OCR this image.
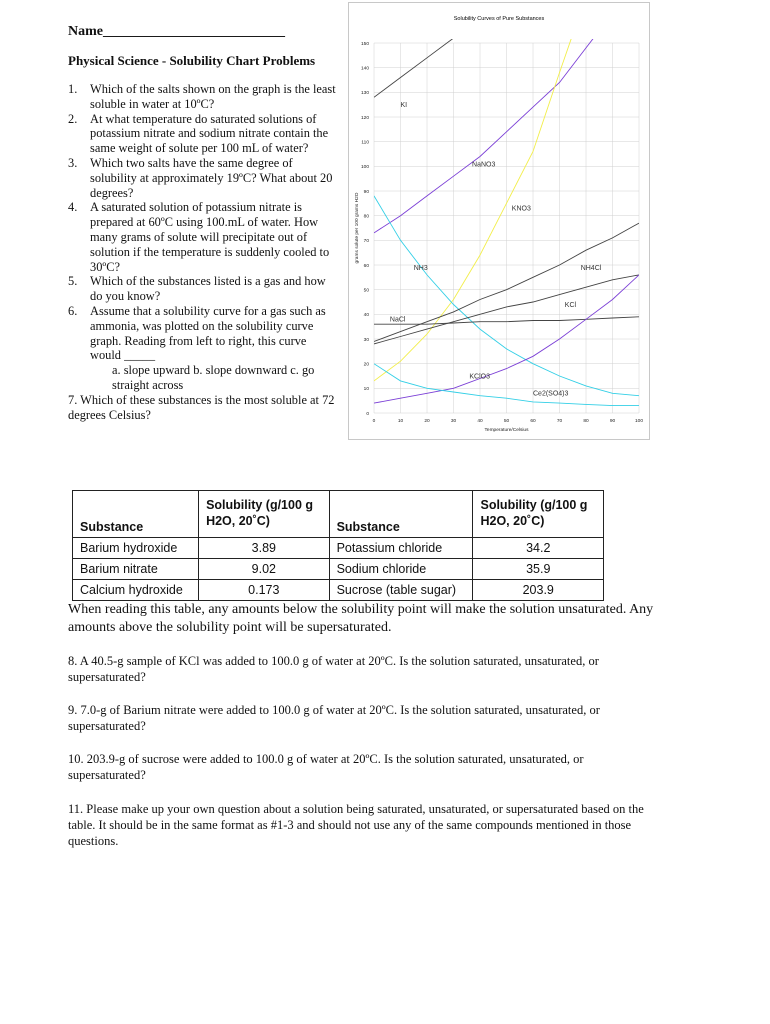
Name__________________________
Physical Science - Solubility Chart Problems
1.	Which of the salts shown on the graph is the least soluble in water at 10ºC?
2.	At what temperature do saturated solutions of potassium nitrate and sodium nitrate contain the same weight of solute per 100 mL of water?
3.	Which two salts have the same degree of solubility at approximately 19ºC? What about 20 degrees?
4.	A saturated solution of potassium nitrate is prepared at 60ºC using 100.mL of water. How many grams of solute will precipitate out of solution if the temperature is suddenly cooled to 30ºC?
5.	Which of the substances listed is a gas and how do you know?
6.	Assume that a solubility curve for a gas such as ammonia, was plotted on the solubility curve graph. Reading from left to right, this curve would _____
a. slope upward b. slope downward c. go straight across
7. Which of these substances is the most soluble at 72 degrees Celsius?
Solubility Curves of Pure Substances
0
10
20
30
40
50
60
70
80
90
100
110
120
130
140
150
0	10	20	30	40	50	60	70	80	90	100
Temperature/Celsius
grams solute per 100 grams H2O
KI
NaNO3
KNO3
NH3	NH4Cl
KCl
NaCl
KClO3
Ce2(SO4)3
Substance	Solubility (g/100 g
H2O, 20˚C)	Substance	Solubility (g/100 g
H2O, 20˚C)
Barium hydroxide	3.89	Potassium chloride	34.2
Barium nitrate	9.02	Sodium chloride	35.9
Calcium hydroxide	0.173	Sucrose (table sugar)	203.9
When reading this table, any amounts below the solubility point will make the solution unsaturated. Any amounts above the solubility point will be supersaturated.
8. A 40.5-g sample of KCl was added to 100.0 g of water at 20ºC. Is the solution saturated, unsaturated, or supersaturated?
9. 7.0-g of Barium nitrate were added to 100.0 g of water at 20ºC. Is the solution saturated, unsaturated, or supersaturated?
10. 203.9-g of sucrose were added to 100.0 g of water at 20ºC. Is the solution saturated, unsaturated, or supersaturated?
11. Please make up your own question about a solution being saturated, unsaturated, or supersaturated based on the table. It should be in the same format as #1-3 and should not use any of the same compounds mentioned in those questions.
